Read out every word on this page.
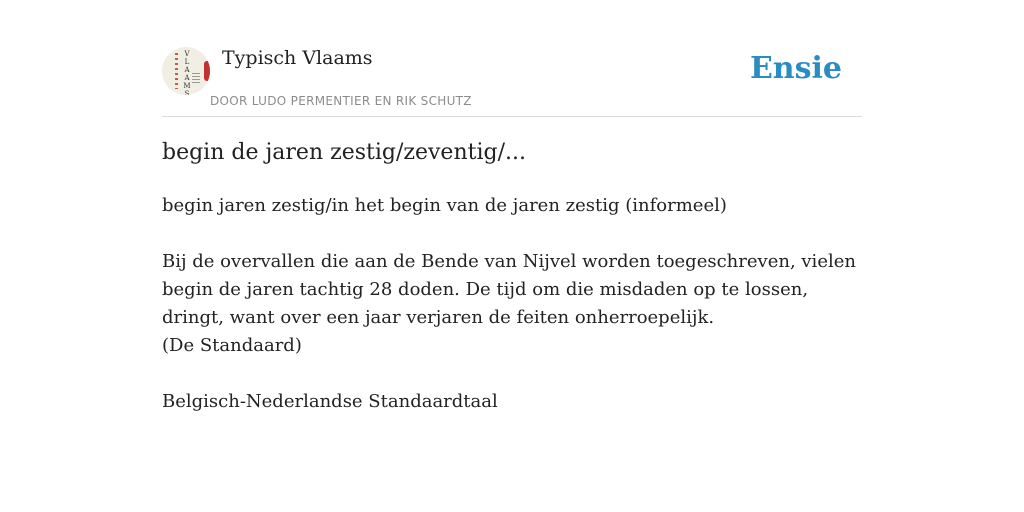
V
L
A
A
M
S
Typisch Vlaams
DOOR LUDO PERMENTIER EN RIK SCHUTZ
Ensie
begin de jaren zestig/zeventig/...

begin jaren zestig/in het begin van de jaren zestig (informeel)

Bij de overvallen die aan de Bende van Nijvel worden toegeschreven, vielen begin de jaren tachtig 28 doden. De tijd om die misdaden op te lossen, dringt, want over een jaar verjaren de feiten onherroepelijk.

(De Standaard)

Belgisch-Nederlandse Standaardtaal
